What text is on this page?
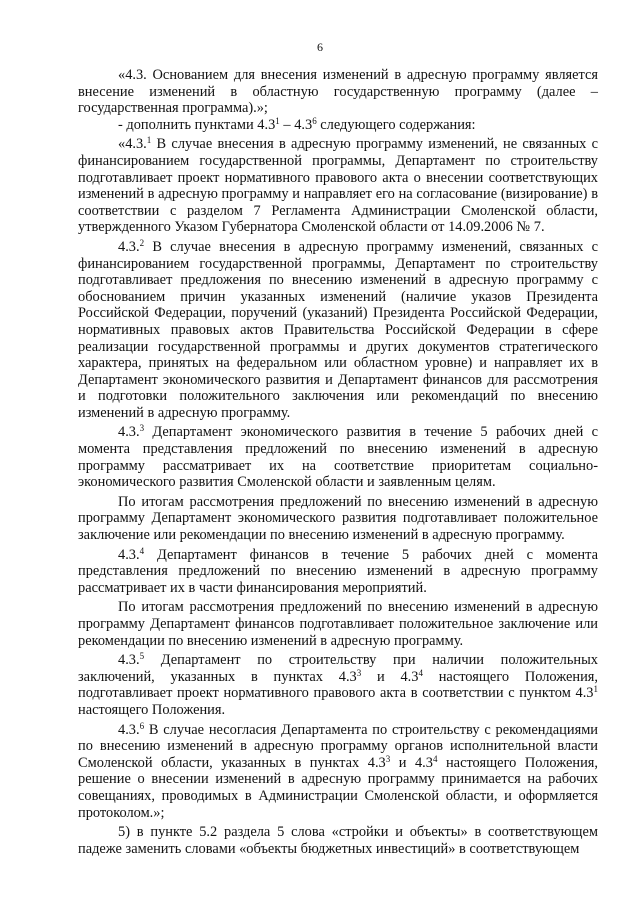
6

«4.3. Основанием для внесения изменений в адресную программу является внесение изменений в областную государственную программу (далее – государственная программа).»;

- дополнить пунктами $4.3^1 - 4.3^6$ следующего содержания:

«4.3.$^1$ В случае внесения в адресную программу изменений, не связанных с финансированием государственной программы, Департамент по строительству подготавливает проект нормативного правового акта о внесении соответствующих изменений в адресную программу и направляет его на согласование (визирование) в соответствии с разделом 7 Регламента Администрации Смоленской области, утвержденного Указом Губернатора Смоленской области от 14.09.2006 № 7.

4.3.$^2$ В случае внесения в адресную программу изменений, связанных с финансированием государственной программы, Департамент по строительству подготавливает предложения по внесению изменений в адресную программу с обоснованием причин указанных изменений (наличие указов Президента Российской Федерации, поручений (указаний) Президента Российской Федерации, нормативных правовых актов Правительства Российской Федерации в сфере реализации государственной программы и других документов стратегического характера, принятых на федеральном или областном уровне) и направляет их в Департамент экономического развития и Департамент финансов для рассмотрения и подготовки положительного заключения или рекомендаций по внесению изменений в адресную программу.

4.3.$^3$ Департамент экономического развития в течение 5 рабочих дней с момента представления предложений по внесению изменений в адресную программу рассматривает их на соответствие приоритетам социально-экономического развития Смоленской области и заявленным целям.

По итогам рассмотрения предложений по внесению изменений в адресную программу Департамент экономического развития подготавливает положительное заключение или рекомендации по внесению изменений в адресную программу.

4.3.$^4$ Департамент финансов в течение 5 рабочих дней с момента представления предложений по внесению изменений в адресную программу рассматривает их в части финансирования мероприятий.

По итогам рассмотрения предложений по внесению изменений в адресную программу Департамент финансов подготавливает положительное заключение или рекомендации по внесению изменений в адресную программу.

4.3.$^5$ Департамент по строительству при наличии положительных заключений, указанных в пунктах $4.3^3$ и $4.3^4$ настоящего Положения, подготавливает проект нормативного правового акта в соответствии с пунктом $4.3^1$ настоящего Положения.

4.3.$^6$ В случае несогласия Департамента по строительству с рекомендациями по внесению изменений в адресную программу органов исполнительной власти Смоленской области, указанных в пунктах $4.3^3$ и $4.3^4$ настоящего Положения, решение о внесении изменений в адресную программу принимается на рабочих совещаниях, проводимых в Администрации Смоленской области, и оформляется протоколом.»;

5) в пункте 5.2 раздела 5 слова «стройки и объекты» в соответствующем падеже заменить словами «объекты бюджетных инвестиций» в соответствующем
